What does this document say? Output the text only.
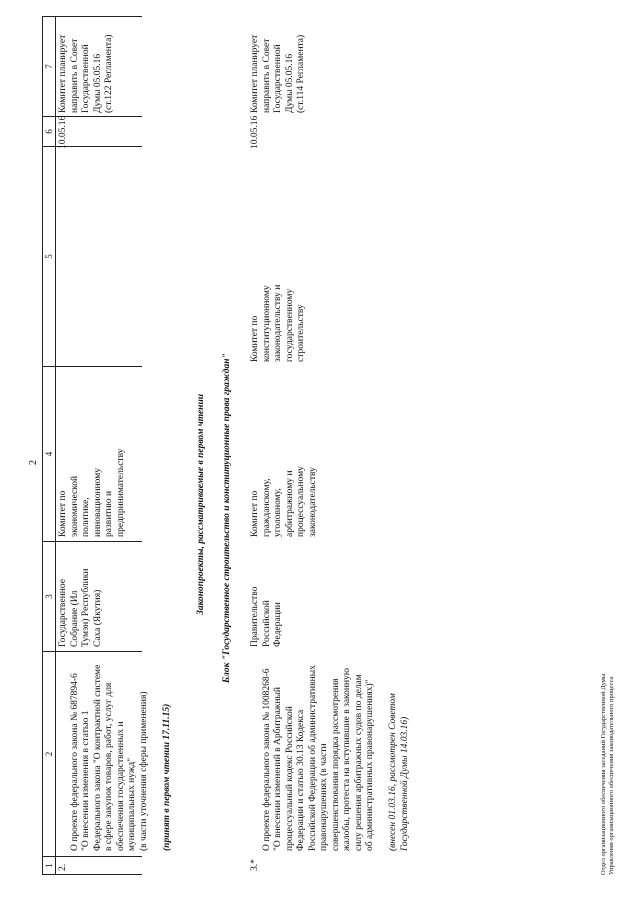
2
1
2
3
4
5
6
7
2.

О проекте федерального закона № 687894-6
"О внесении изменения в статью 1
Федерального закона "О контрактной системе
в сфере закупок товаров, работ, услуг для
обеспечения государственных и
муниципальных нужд"
(в части уточнения сферы применения) (принят в первом чтении 17.11.15)

Государственное
Собрание (Ил
Тумэн) Республики
Саха (Якутия)
Комитет по
экономической
политике,
инновационному
развитию и
предпринимательству
10.05.16
Комитет планирует
направить в Совет
Государственной
Думы 05.05.16
(ст.122 Регламента)
Законопроекты, рассматриваемые в первом чтении Блок "Государственное строительство и конституционные права граждан"
3.*

О проекте федерального закона № 1008268-6
"О внесении изменений в Арбитражный
процессуальный кодекс Российской
Федерации и статью 30.13 Кодекса
Российской Федерации об административных
правонарушениях (в части
совершенствования порядка рассмотрения
жалобы, протеста на вступившие в законную
силу решения арбитражных судов по делам
об административных правонарушениях)"

(внесен 01.03.16, рассмотрен Советом
Государственной Думы 14.03.16)

Правительство
Российской
Федерации
Комитет по
гражданскому,
уголовному,
арбитражному и
процессуальному
законодательству
Комитет по
конституционному
законодательству и
государственному
строительству
10.05.16
Комитет планирует
направить в Совет
Государственной
Думы 05.05.16
(ст.114 Регламента)
Отдел организационного обеспечения заседаний Государственной Думы Управления организационного обеспечения законодательного процесса
